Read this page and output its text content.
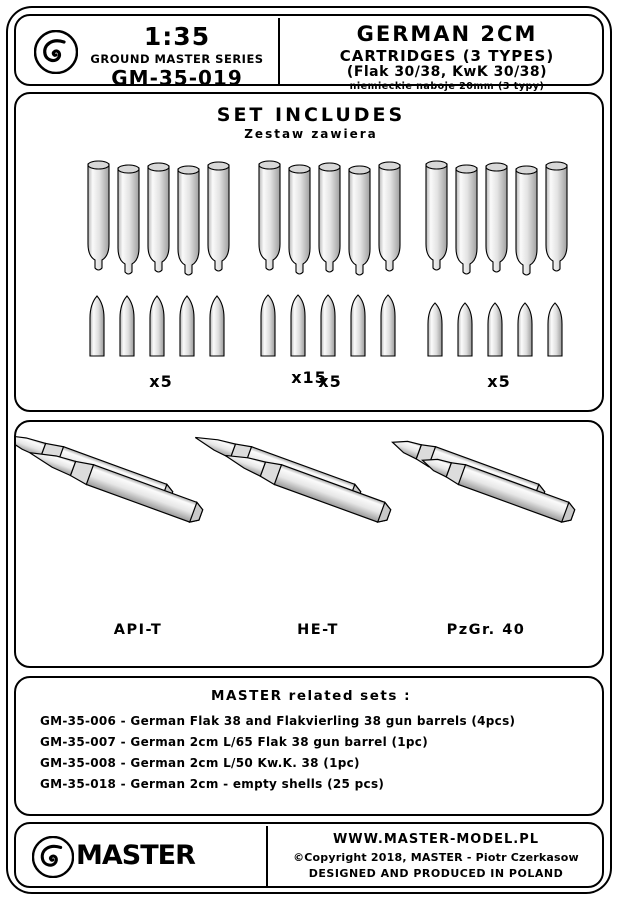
1:35
GROUND MASTER SERIES
GM-35-019
GERMAN 2CM
CARTRIDGES (3 TYPES)
(Flak 30/38, KwK 30/38)
niemieckie naboje 20mm (3 typy)
SET INCLUDES
Zestaw zawiera
x15
x5	x5	x5
API-T	HE-T	PzGr. 40
MASTER related sets :
GM-35-006 - German Flak 38 and Flakvierling 38 gun barrels (4pcs)
GM-35-007 - German 2cm L/65 Flak 38 gun barrel (1pc)
GM-35-008 - German 2cm L/50 Kw.K. 38 (1pc)
GM-35-018 - German 2cm - empty shells (25 pcs)
MASTER
WWW.MASTER-MODEL.PL
©Copyright 2018, MASTER - Piotr Czerkasow
DESIGNED AND PRODUCED IN POLAND
